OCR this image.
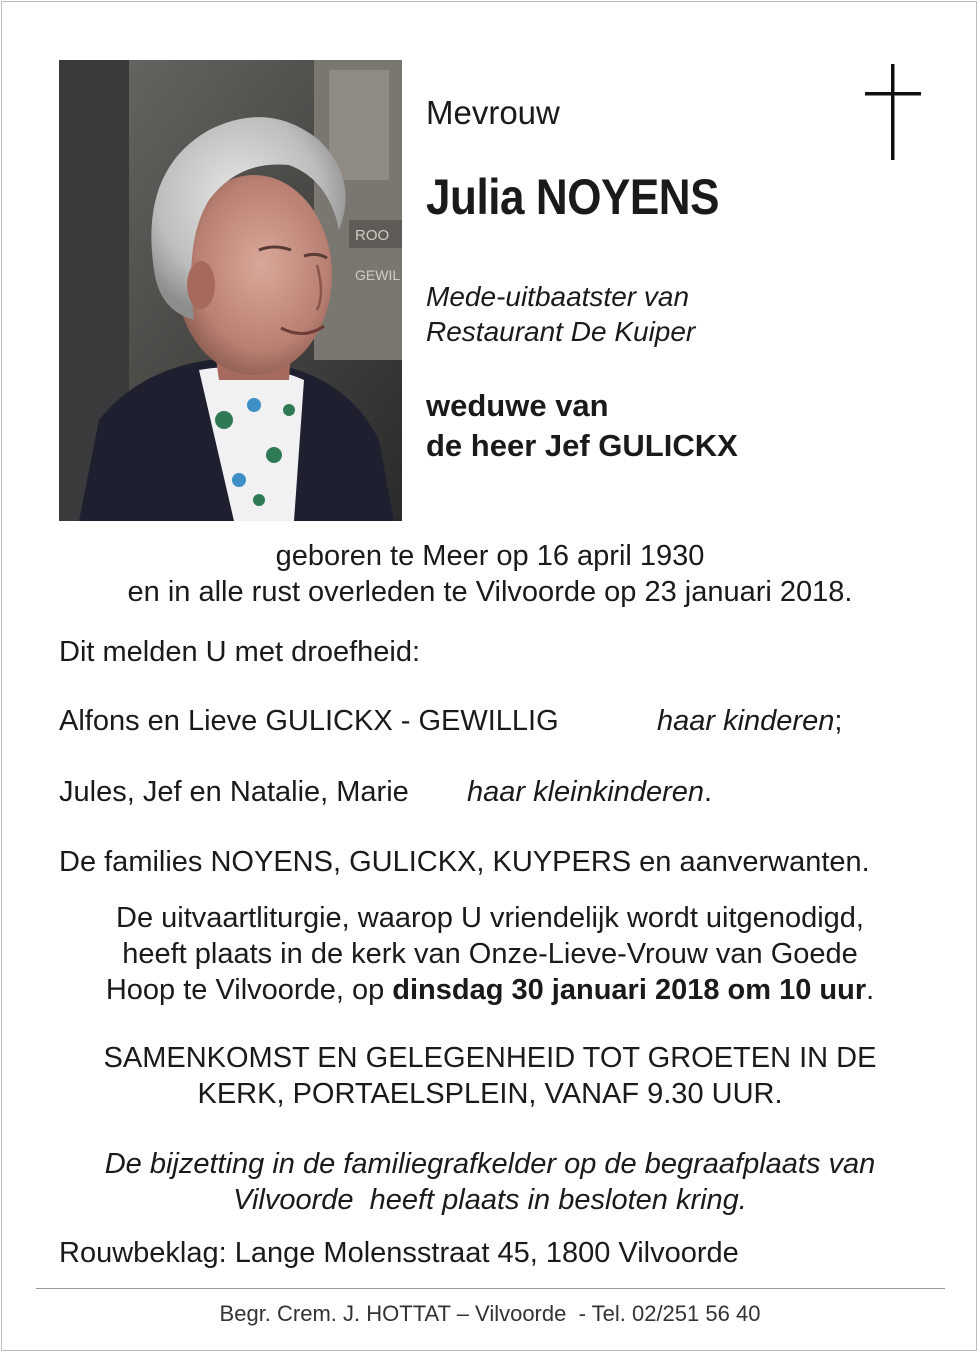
ROO
GEWIL

Mevrouw

Julia NOYENS

Mede-uitbaatster van
Restaurant De Kuiper
weduwe van
de heer Jef GULICKX
geboren te Meer op 16 april 1930
en in alle rust overleden te Vilvoorde op 23 januari 2018.

Dit melden U met droefheid:

Alfons en Lieve GULICKX - GEWILLIG	haar kinderen;
Jules, Jef en Natalie, Marie haar kleinkinderen.

De families NOYENS, GULICKX, KUYPERS en aanverwanten.

De uitvaartliturgie, waarop U vriendelijk wordt uitgenodigd,
heeft plaats in de kerk van Onze-Lieve-Vrouw van Goede
Hoop te Vilvoorde, op dinsdag 30 januari 2018 om 10 uur.
SAMENKOMST EN GELEGENHEID TOT GROETEN IN DE
KERK, PORTAELSPLEIN, VANAF 9.30 UUR.
De bijzetting in de familiegrafkelder op de begraafplaats van
Vilvoorde  heeft plaats in besloten kring.

Rouwbeklag: Lange Molensstraat 45, 1800 Vilvoorde

Begr. Crem. J. HOTTAT – Vilvoorde  - Tel. 02/251 56 40
